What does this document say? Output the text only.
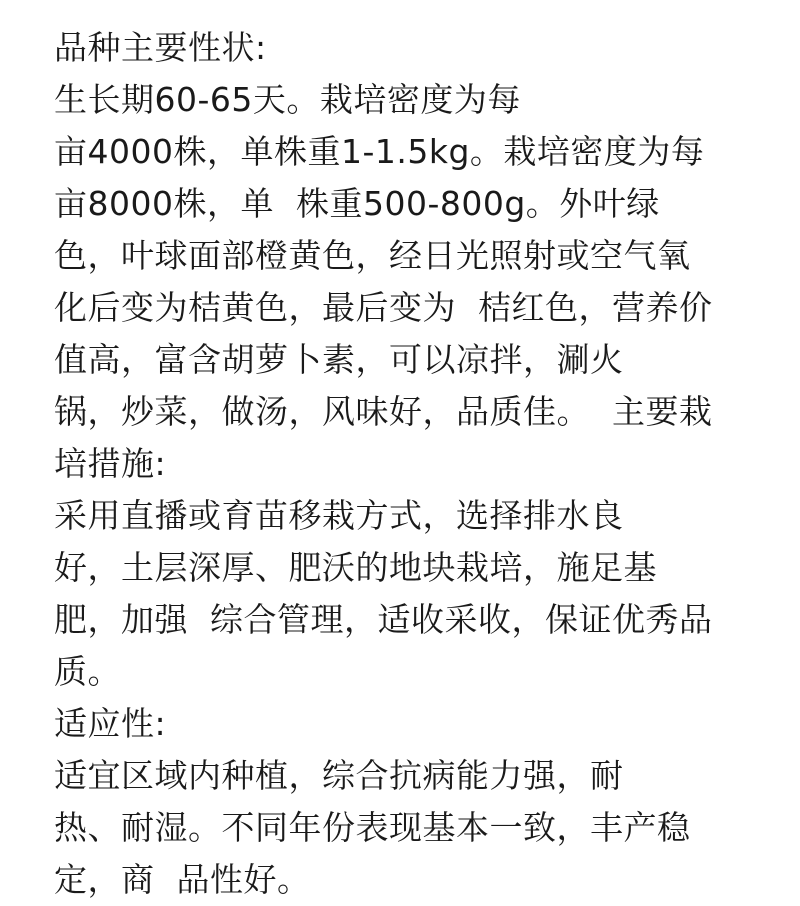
品种主要性状:
生长期60-65天。栽培密度为每
亩4000株，单株重1-1.5kg。栽培密度为每
亩8000株，单  株重500-800g。外叶绿
色，叶球面部橙黄色，经日光照射或空气氧
化后变为桔黄色，最后变为  桔红色，营养价
值高，富含胡萝卜素，可以凉拌，涮火
锅，炒菜，做汤，风味好，品质佳。  主要栽
培措施:
采用直播或育苗移栽方式，选择排水良
好，土层深厚、肥沃的地块栽培，施足基
肥，加强  综合管理，适收采收，保证优秀品
质。
适应性:
适宜区域内种植，综合抗病能力强，耐
热、耐湿。不同年份表现基本一致，丰产稳
定，商  品性好。
